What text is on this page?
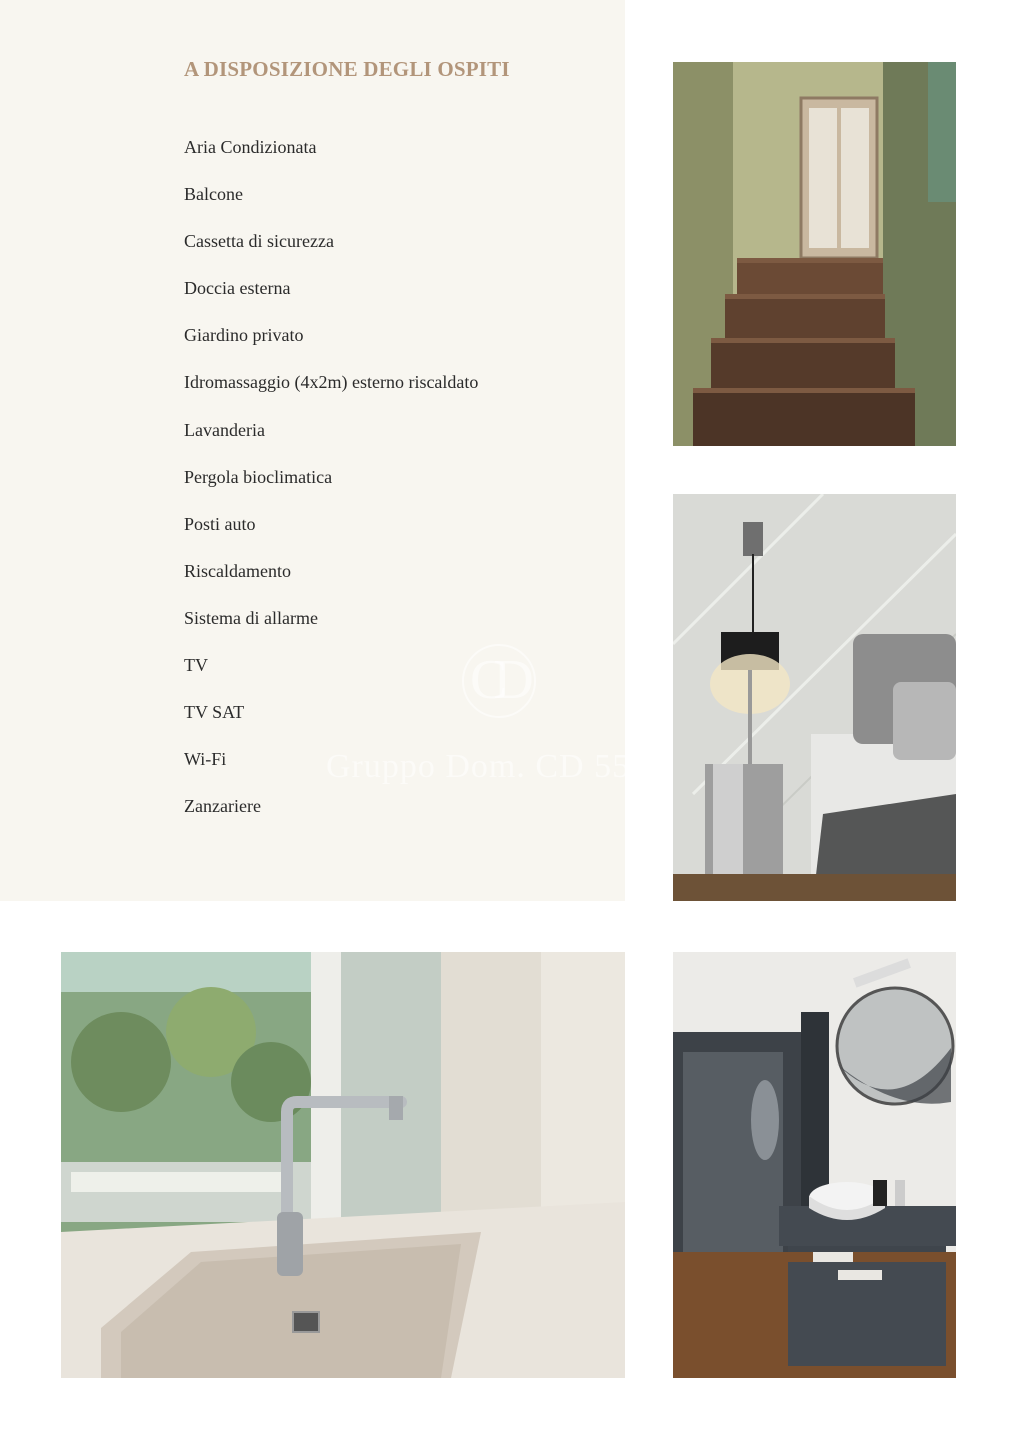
A DISPOSIZIONE DEGLI OSPITI
Aria Condizionata
Balcone
Cassetta di sicurezza
Doccia esterna
Giardino privato
Idromassaggio (4x2m) esterno riscaldato
Lavanderia
Pergola bioclimatica
Posti auto
Riscaldamento
Sistema di allarme
TV
TV SAT
Wi-Fi
Zanzariere
CD
Gruppo Dom. CD 55
